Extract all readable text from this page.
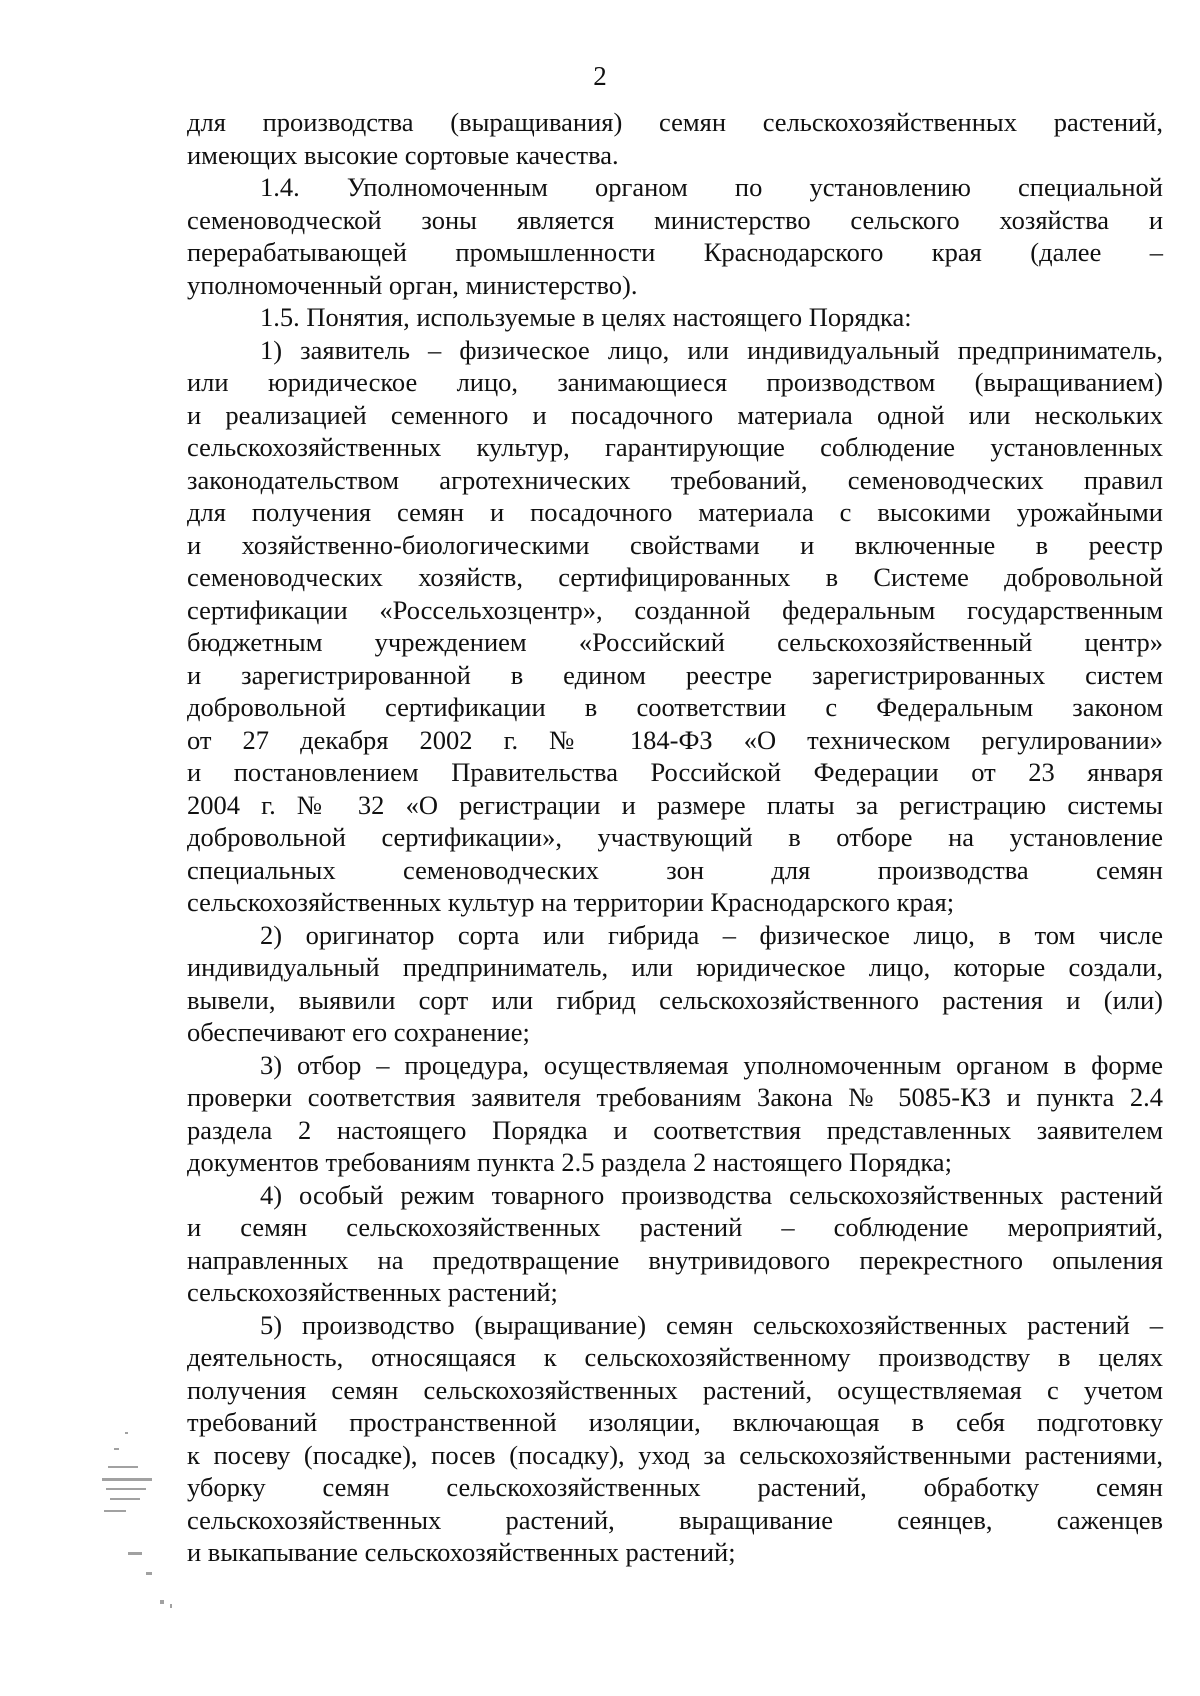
2
для производства (выращивания) семян сельскохозяйственных растений,
имеющих высокие сортовые качества.
1.4. Уполномоченным органом по установлению специальной
семеноводческой зоны является министерство сельского хозяйства и
перерабатывающей промышленности Краснодарского края (далее –
уполномоченный орган, министерство).
1.5. Понятия, используемые в целях настоящего Порядка:
1) заявитель – физическое лицо, или индивидуальный предприниматель,
или юридическое лицо, занимающиеся производством (выращиванием)
и реализацией семенного и посадочного материала одной или нескольких
сельскохозяйственных культур, гарантирующие соблюдение установленных
законодательством агротехнических требований, семеноводческих правил
для получения семян и посадочного материала с высокими урожайными
и хозяйственно-биологическими свойствами и включенные в реестр
семеноводческих хозяйств, сертифицированных в Системе добровольной
сертификации «Россельхозцентр», созданной федеральным государственным
бюджетным учреждением «Российский сельскохозяйственный центр»
и зарегистрированной в едином реестре зарегистрированных систем
добровольной сертификации в соответствии с Федеральным законом
от 27 декабря 2002 г. № 184-ФЗ «О техническом регулировании»
и постановлением Правительства Российской Федерации от 23 января
2004 г. № 32 «О регистрации и размере платы за регистрацию системы
добровольной сертификации», участвующий в отборе на установление
специальных семеноводческих зон для производства семян
сельскохозяйственных культур на территории Краснодарского края;
2) оригинатор сорта или гибрида – физическое лицо, в том числе
индивидуальный предприниматель, или юридическое лицо, которые создали,
вывели, выявили сорт или гибрид сельскохозяйственного растения и (или)
обеспечивают его сохранение;
3) отбор – процедура, осуществляемая уполномоченным органом в форме
проверки соответствия заявителя требованиям Закона № 5085-КЗ и пункта 2.4
раздела 2 настоящего Порядка и соответствия представленных заявителем
документов требованиям пункта 2.5 раздела 2 настоящего Порядка;
4) особый режим товарного производства сельскохозяйственных растений
и семян сельскохозяйственных растений – соблюдение мероприятий,
направленных на предотвращение внутривидового перекрестного опыления
сельскохозяйственных растений;
5) производство (выращивание) семян сельскохозяйственных растений –
деятельность, относящаяся к сельскохозяйственному производству в целях
получения семян сельскохозяйственных растений, осуществляемая с учетом
требований пространственной изоляции, включающая в себя подготовку
к посеву (посадке), посев (посадку), уход за сельскохозяйственными растениями,
уборку семян сельскохозяйственных растений, обработку семян
сельскохозяйственных растений, выращивание сеянцев, саженцев
и выкапывание сельскохозяйственных растений;
